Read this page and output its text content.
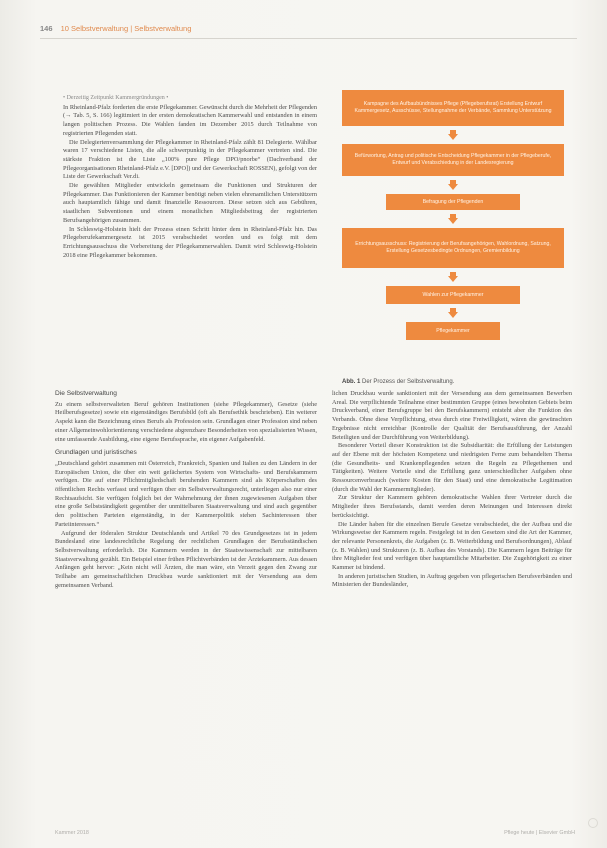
146 10 Selbstverwaltung | Selbstverwaltung
• Derzeitig Zeitpunkt Kammergründungen •

In Rheinland-Pfalz forderten die erste Pflegekammer. Gewünscht durch die Mehrheit der Pflegenden (→ Tab. 5, S. 166) legitimiert in der ersten demokratischen Kammerwahl und entstanden in einem langen politischen Prozess. Die Wahlen fanden im Dezember 2015 durch Teilnahme von registrierten Pflegenden statt.

Die Delegiertenversammlung der Pflegekammer in Rheinland-Pfalz zählt 81 Delegierte. Wählbar waren 17 verschiedene Listen, die alle schwerpunktig in der Pflegekammer vertreten sind. Die stärkste Fraktion ist die Liste „100% pure Pflege DPO/pnorbe“ (Dachverband der Pflegeorganisationen Rheinland-Pfalz e.V. [DPO]) und der Gewerkschaft ROSSEN), gefolgt von der Liste der Gewerkschaft Ver.di.

Die gewählten Mitglieder entwickeln gemeinsam die Funktionen und Strukturen der Pflegekammer. Das Funktionieren der Kammer benötigt neben vielen ehrenamtlichen Unterstützern auch hauptamtlich fähige und damit finanzielle Ressourcen. Diese setzen sich aus Gebühren, staatlichen Subventionen und einem monatlichen Mitgliedsbeitrag der registrierten Berufsangehörigen zusammen.

In Schleswig-Holstein hielt der Prozess einen Schritt hinter dem in Rheinland-Pfalz hin. Das Pflegeberufekammergesetz ist 2015 verabschiedet worden und es folgt mit dem Errichtungsausschuss die Vorbereitung der Pflegekammerwahlen. Damit wird Schleswig-Holstein 2018 eine Pflegekammer bekommen.

Kampagne des Aufbaubündnisses Pflege (Pflegeberufsrat) Erstellung Entwurf Kammergesetz, Ausschüsse, Stellungnahme der Verbände, Sammlung Unterstützung
Befürwortung, Antrag und politische Entscheidung Pflegekammer in der Pflegeberufe, Entwurf und Verabschiedung in der Landesregierung
Befragung der Pflegenden
Errichtungsausschuss: Registrierung der Berufsangehörigen, Wahlordnung, Satzung, Erstellung Gesetzesbedingte Ordnungen, Gremienbildung
Wahlen zur Pflegekammer
Pflegekammer
Abb. 1 Der Prozess der Selbstverwaltung.
Die Selbstverwaltung

Zu einem selbstverwalteten Beruf gehören Institutionen (siehe Pflegekammer), Gesetze (siehe Heilberufsgesetze) sowie ein eigenständiges Berufsbild (oft als Berufsethik beschrieben). Ein weiterer Aspekt kann die Bezeichnung eines Berufs als Profession sein. Grundlagen einer Profession sind neben einer Allgemeinwohlorientierung verschiedene abgrenzbare Besonderheiten von spezialisierten Wissen, eine umfassende Ausbildung, eine eigene Berufssprache, ein eigener Aufgabenfeld.

Grundlagen und juristisches

„Deutschland gehört zusammen mit Österreich, Frankreich, Spanien und Italien zu den Ländern in der Europäischen Union, die über ein weit gefächertes System von Wirtschafts- und Berufskammern verfügen. Die auf einer Pflichtmitgliedschaft beruhenden Kammern sind als Körperschaften des öffentlichen Rechts verfasst und verfügen über ein Selbstverwaltungsrecht, unterliegen also nur einer Rechtsaufsicht. Sie verfügen folglich bei der Wahrnehmung der ihnen zugewiesenen Aufgaben über eine große Selbstständigkeit gegenüber der unmittelbaren Staatsverwaltung und sind auch gegenüber den politischen Parteien eigenständig, in der Kammerpolitik stehen Sachinteressen über Parteiinteressen.“

Aufgrund der föderalen Struktur Deutschlands und Artikel 70 des Grundgesetzes ist in jedem Bundesland eine landesrechtliche Regelung der rechtlichen Grundlagen der Berufsständischen Selbstverwaltung erforderlich. Die Kammern werden in der Staatswissenschaft zur mittelbaren Staatsverwaltung gezählt. Ein Beispiel einer frühen Pflichtverbänden ist der Ärztekammern. Aus dessen Anfängen geht hervor: „Kein nicht will Ärzten, die man wäre, ein Verzeit gegen den Zwang zur Teilhabe am gemeinschaftlichen Druckbau wurde sanktioniert mit der Versendung aus dem gemeinsamen Verband.

lichen Druckbau wurde sanktioniert mit der Versendung aus dem gemeinsamen Bewerben Areal. Die verpflichtende Teilnahme einer bestimmten Gruppe (eines bewohnten Gebiets beim Druckverband, einer Berufsgruppe bei den Berufskammern) entsteht aber die Funktion des Verbands. Ohne diese Verpflichtung, etwa durch eine Freiwilligkeit, wären die gewünschten Ergebnisse nicht erreichbar (Kontrolle der Qualität der Berufsausführung, der Anzahl Beteiligten und der Durchführung von Weiterbildung).

Besonderer Vorteil dieser Konstruktion ist die Subsidiarität: die Erfüllung der Leistungen auf der Ebene mit der höchsten Kompetenz und niedrigsten Ferne zum behandelten Thema (die Gesundheits- und Krankenpflegenden setzen die Regeln zu Pflegethemen und Tätigkeiten). Weitere Vorteile sind die Erfüllung ganz unterschiedlicher Aufgaben ohne Ressourcenverbrauch (weitere Kosten für den Staat) und eine demokratische Legitimation (durch die Wahl der Kammermitglieder).

Zur Struktur der Kammern gehören demokratische Wahlen ihrer Vertreter durch die Mitglieder ihres Berufsstands, damit werden deren Meinungen und Interessen direkt berücksichtigt.

Die Länder haben für die einzelnen Berufe Gesetze verabschiedet, die der Aufbau und die Wirkungsweise der Kammern regeln. Festgelegt ist in den Gesetzen sind die Art der Kammer, der relevante Personenkreis, die Aufgaben (z. B. Weiterbildung und Berufsordnungen), Ablauf (z. B. Wahlen) und Strukturen (z. B. Aufbau des Vorstands). Die Kammern legen Beiträge für ihre Mitglieder fest und verfügen über hauptamtliche Mitarbeiter. Die Zugehörigkeit zu einer Kammer ist bindend.

In anderen juristischen Studien, in Auftrag gegeben von pflegerischen Berufsverbänden und Ministerien der Bundesländer,

Kammer 2018	Pflege heute | Elsevier GmbH
